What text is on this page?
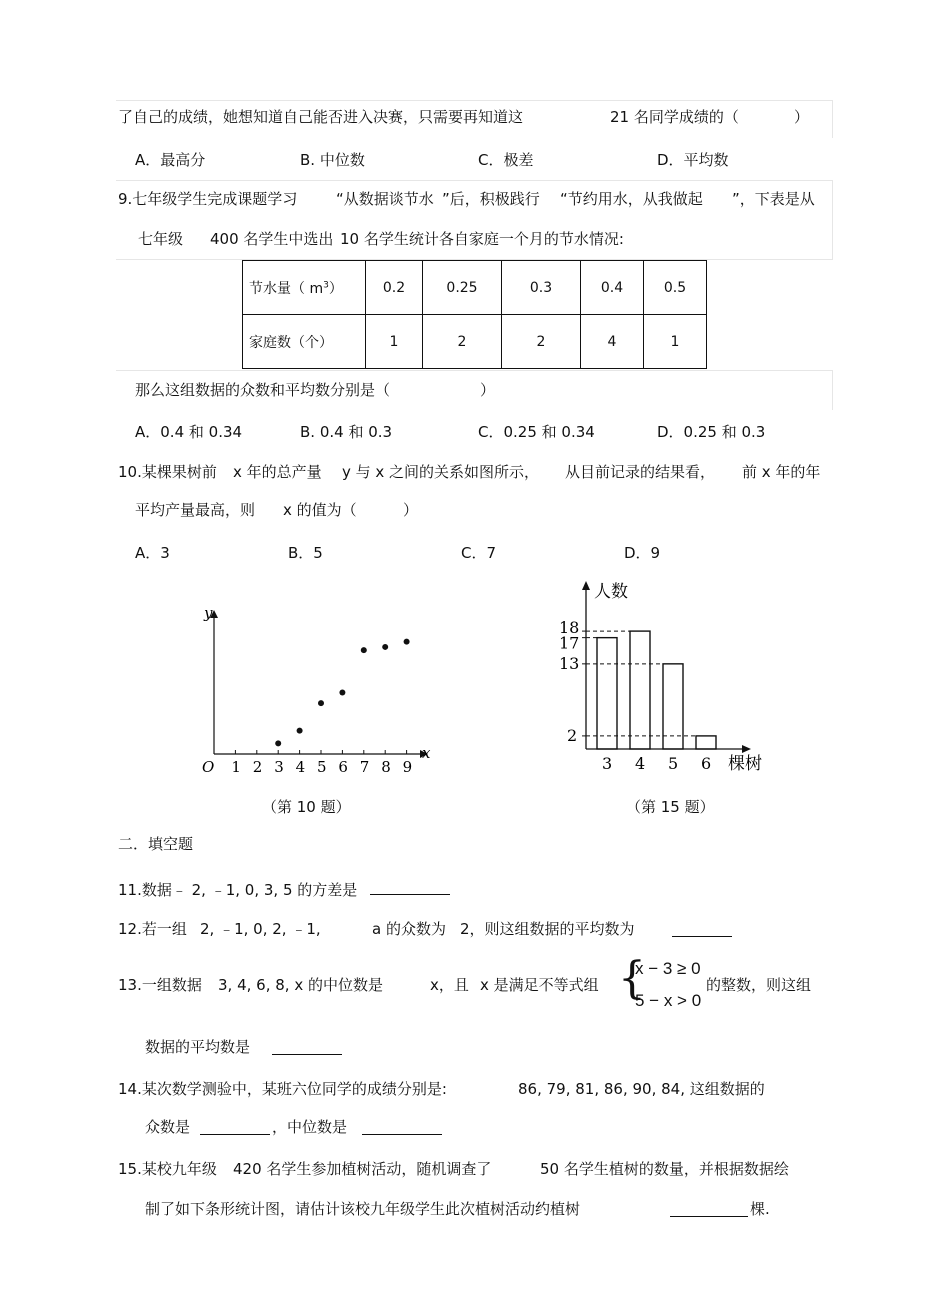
了自己的成绩，她想知道自己能否进入决赛，只需要再知道这	21 名同学成绩的（	）
A．最高分	B. 中位数	C．极差	D．平均数
9.七年级学生完成课题学习	“从数据谈节水 ”后，积极践行 “节约用水，从我做起 ”，下表是从
七年级 400 名学生中选出 10 名学生统计各自家庭一个月的节水情况:
节水量（ $m^3$）	0.2	0.25	0.3	0.4	0.5
家庭数（个）	1	2	2	4	1
那么这组数据的众数和平均数分别是（	）
A．0.4 和 0.34	B. 0.4 和 0.3	C．0.25 和 0.34	D．0.25 和 0.3
10.某棵果树前 x 年的总产量 y 与 x 之间的关系如图所示， 从目前记录的结果看， 前 x 年的年
平均产量最高，则 x 的值为（	）
A．3	B．5	C．7	D．9
y
x
O 1 2 3 4 5 6 7 8 9
（第 10 题）
人数
棵树
18
17
13
2
3 4 5 6
（第 15 题）
二．填空题
11.数据﹣ 2, ﹣1, 0, 3, 5 的方差是
12.若一组 2, ﹣1, 0, 2, ﹣1,	a 的众数为 2，则这组数据的平均数为
13.一组数据 3, 4, 6, 8, x 的中位数是	x，且 x 是满足不等式组 {
x − 3 ≥ 0
5 − x > 0
的整数，则这组
数据的平均数是
14.某次数学测验中，某班六位同学的成绩分别是:	86, 79, 81, 86, 90, 84, 这组数据的
众数是	，中位数是
15.某校九年级 420 名学生参加植树活动，随机调查了	50 名学生植树的数量，并根据数据绘
制了如下条形统计图，请估计该校九年级学生此次植树活动约植树	棵.
